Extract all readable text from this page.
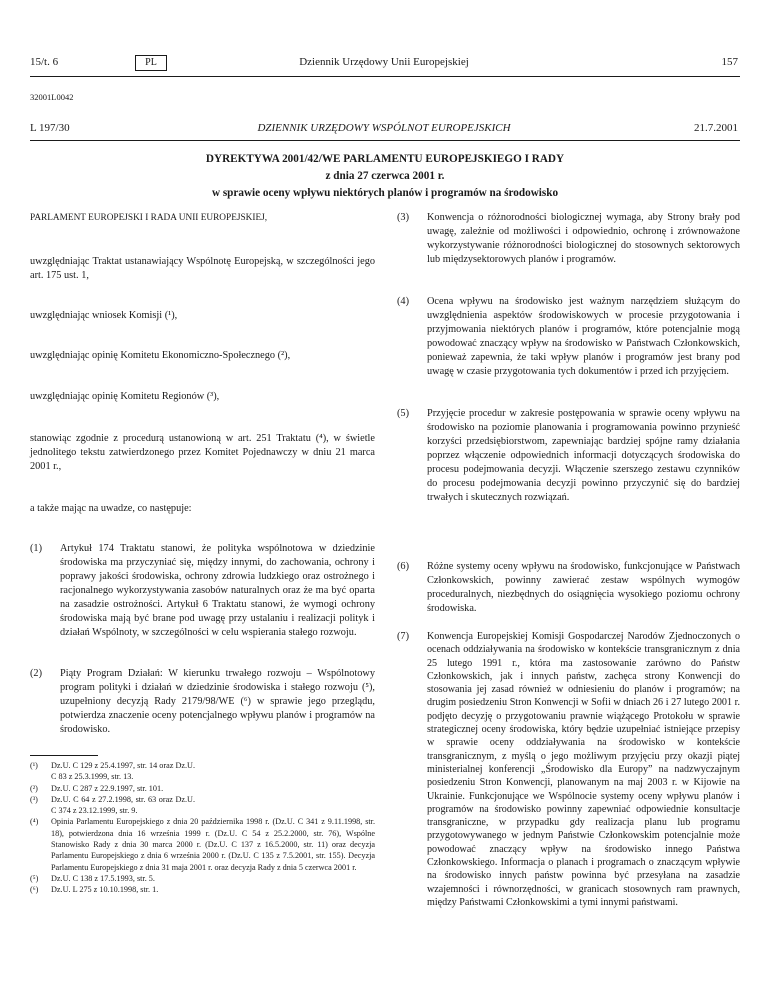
15/t. 6	PL	Dziennik Urzędowy Unii Europejskiej	157
32001L0042
L 197/30	DZIENNIK URZĘDOWY WSPÓLNOT EUROPEJSKICH	21.7.2001
DYREKTYWA 2001/42/WE PARLAMENTU EUROPEJSKIEGO I RADY
z dnia 27 czerwca 2001 r.
w sprawie oceny wpływu niektórych planów i programów na środowisko
PARLAMENT EUROPEJSKI I RADA UNII EUROPEJSKIEJ,
uwzględniając Traktat ustanawiający Wspólnotę Europejską, w szczególności jego art. 175 ust. 1,
uwzględniając wniosek Komisji (¹),
uwzględniając opinię Komitetu Ekonomiczno-Społecznego (²),
uwzględniając opinię Komitetu Regionów (³),
stanowiąc zgodnie z procedurą ustanowioną w art. 251 Traktatu (⁴), w świetle jednolitego tekstu zatwierdzonego przez Komitet Pojednawczy w dniu 21 marca 2001 r.,
a także mając na uwadze, co następuje:
(1) Artykuł 174 Traktatu stanowi, że polityka wspólnotowa w dziedzinie środowiska ma przyczyniać się, między innymi, do zachowania, ochrony i poprawy jakości środowiska, ochrony zdrowia ludzkiego oraz ostrożnego i racjonalnego wykorzystywania zasobów naturalnych oraz że ma być oparta na zasadzie ostrożności. Artykuł 6 Traktatu stanowi, że wymogi ochrony środowiska mają być brane pod uwagę przy ustalaniu i realizacji polityk i działań Wspólnoty, w szczególności w celu wspierania stałego rozwoju.
(2) Piąty Program Działań: W kierunku trwałego rozwoju – Wspólnotowy program polityki i działań w dziedzinie środowiska i stałego rozwoju (⁵), uzupełniony decyzją Rady 2179/98/WE (⁶) w sprawie jego przeglądu, potwierdza znaczenie oceny potencjalnego wpływu planów i programów na środowisko.
(¹)	Dz.U. C 129 z 25.4.1997, str. 14 oraz Dz.U. C 83 z 25.3.1999, str. 13.
(²)	Dz.U. C 287 z 22.9.1997, str. 101.
(³)	Dz.U. C 64 z 27.2.1998, str. 63 oraz Dz.U. C 374 z 23.12.1999, str. 9.
(⁴)	Opinia Parlamentu Europejskiego z dnia 20 października 1998 r. (Dz.U. C 341 z 9.11.1998, str. 18), potwierdzona dnia 16 września 1999 r. (Dz.U. C 54 z 25.2.2000, str. 76), Wspólne Stanowisko Rady z dnia 30 marca 2000 r. (Dz.U. C 137 z 16.5.2000, str. 11) oraz decyzja Parlamentu Europejskiego z dnia 6 września 2000 r. (Dz.U. C 135 z 7.5.2001, str. 155). Decyzja Parlamentu Europejskiego z dnia 31 maja 2001 r. oraz decyzja Rady z dnia 5 czerwca 2001 r.
(⁵)	Dz.U. C 138 z 17.5.1993, str. 5.
(⁶)	Dz.U. L 275 z 10.10.1998, str. 1.
(3) Konwencja o różnorodności biologicznej wymaga, aby Strony brały pod uwagę, zależnie od możliwości i odpowiednio, ochronę i zrównoważone wykorzystywanie różnorodności biologicznej do stosownych sektorowych lub międzysektorowych planów i programów.
(4) Ocena wpływu na środowisko jest ważnym narzędziem służącym do uwzględnienia aspektów środowiskowych w procesie przygotowania i przyjmowania niektórych planów i programów, które potencjalnie mogą powodować znaczący wpływ na środowisko w Państwach Członkowskich, ponieważ zapewnia, że taki wpływ planów i programów jest brany pod uwagę w czasie przygotowania tych dokumentów i przed ich przyjęciem.
(5) Przyjęcie procedur w zakresie postępowania w sprawie oceny wpływu na środowisko na poziomie planowania i programowania powinno przynieść korzyści przedsiębiorstwom, zapewniając bardziej spójne ramy działania poprzez włączenie odpowiednich informacji dotyczących środowiska do procesu podejmowania decyzji. Włączenie szerszego zestawu czynników do procesu podejmowania decyzji powinno przyczynić się do bardziej trwałych i skutecznych rozwiązań.
(6) Różne systemy oceny wpływu na środowisko, funkcjonujące w Państwach Członkowskich, powinny zawierać zestaw wspólnych wymogów proceduralnych, niezbędnych do osiągnięcia wysokiego poziomu ochrony środowiska.
(7) Konwencja Europejskiej Komisji Gospodarczej Narodów Zjednoczonych o ocenach oddziaływania na środowisko w kontekście transgranicznym z dnia 25 lutego 1991 r., która ma zastosowanie zarówno do Państw Członkowskich, jak i innych państw, zachęca strony Konwencji do stosowania jej zasad również w odniesieniu do planów i programów; na drugim posiedzeniu Stron Konwencji w Sofii w dniach 26 i 27 lutego 2001 r. podjęto decyzję o przygotowaniu prawnie wiążącego Protokołu w sprawie strategicznej oceny środowiska, który będzie uzupełniać istniejące przepisy w sprawie oceny oddziaływania na środowisko w kontekście transgranicznym, z myślą o jego możliwym przyjęciu przy okazji piątej ministerialnej konferencji „Środowisko dla Europy” na nadzwyczajnym posiedzeniu Stron Konwencji, planowanym na maj 2003 r. w Kijowie na Ukrainie. Funkcjonujące we Wspólnocie systemy oceny wpływu planów i programów na środowisko powinny zapewniać odpowiednie konsultacje transgraniczne, w przypadku gdy realizacja planu lub programu przygotowywanego w jednym Państwie Członkowskim potencjalnie może powodować znaczący wpływ na środowisko innego Państwa Członkowskiego. Informacja o planach i programach o znaczącym wpływie na środowisko innych państw powinna być przesyłana na zasadzie wzajemności i równorzędności, w granicach stosownych ram prawnych, między Państwami Członkowskimi a tymi innymi państwami.
